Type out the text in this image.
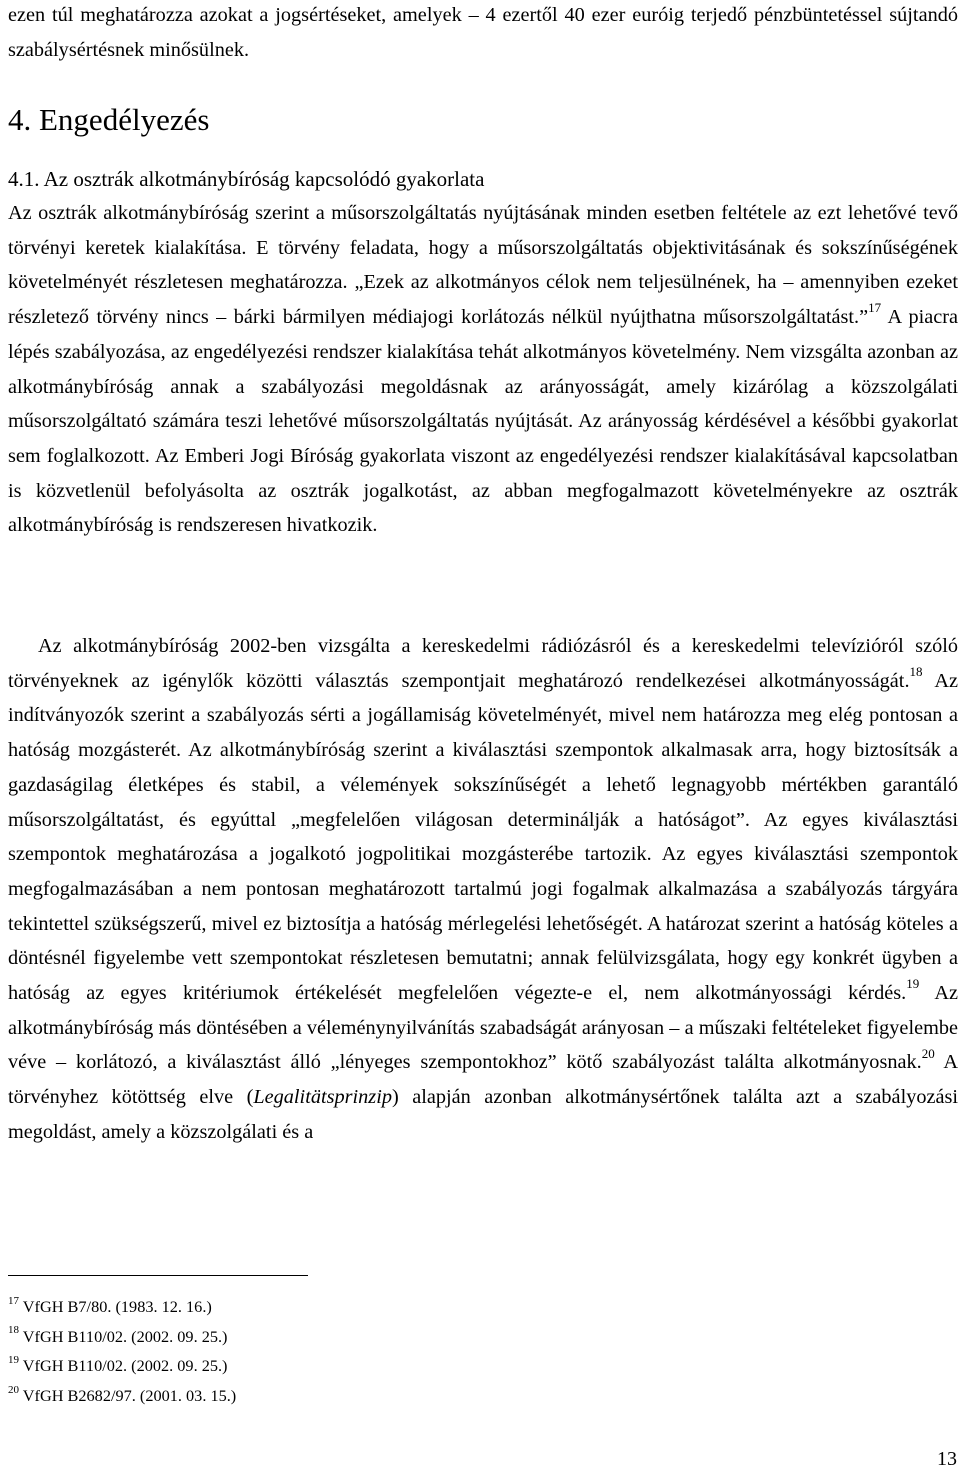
ezen túl meghatározza azokat a jogsértéseket, amelyek – 4 ezertől 40 ezer euróig terjedő pénzbüntetéssel sújtandó szabálysértésnek minősülnek.
4. Engedélyezés
4.1. Az osztrák alkotmánybíróság kapcsolódó gyakorlata
Az osztrák alkotmánybíróság szerint a műsorszolgáltatás nyújtásának minden esetben feltétele az ezt lehetővé tevő törvényi keretek kialakítása. E törvény feladata, hogy a műsorszolgáltatás objektivitásának és sokszínűségének követelményét részletesen meghatározza. „Ezek az alkotmányos célok nem teljesülnének, ha – amennyiben ezeket részletező törvény nincs – bárki bármilyen médiajogi korlátozás nélkül nyújthatna műsorszolgáltatást.”$^{17}$ A piacra lépés szabályozása, az engedélyezési rendszer kialakítása tehát alkotmányos követelmény. Nem vizsgálta azonban az alkotmánybíróság annak a szabályozási megoldásnak az arányosságát, amely kizárólag a közszolgálati műsorszolgáltató számára teszi lehetővé műsorszolgáltatás nyújtását. Az arányosság kérdésével a későbbi gyakorlat sem foglalkozott. Az Emberi Jogi Bíróság gyakorlata viszont az engedélyezési rendszer kialakításával kapcsolatban is közvetlenül befolyásolta az osztrák jogalkotást, az abban megfogalmazott követelményekre az osztrák alkotmánybíróság is rendszeresen hivatkozik.
Az alkotmánybíróság 2002-ben vizsgálta a kereskedelmi rádiózásról és a kereskedelmi televízióról szóló törvényeknek az igénylők közötti választás szempontjait meghatározó rendelkezései alkotmányosságát.$^{18}$ Az indítványozók szerint a szabályozás sérti a jogállamiság követelményét, mivel nem határozza meg elég pontosan a hatóság mozgásterét. Az alkotmánybíróság szerint a kiválasztási szempontok alkalmasak arra, hogy biztosítsák a gazdaságilag életképes és stabil, a vélemények sokszínűségét a lehető legnagyobb mértékben garantáló műsorszolgáltatást, és egyúttal „megfelelően világosan determinálják a hatóságot”. Az egyes kiválasztási szempontok meghatározása a jogalkotó jogpolitikai mozgásterébe tartozik. Az egyes kiválasztási szempontok megfogalmazásában a nem pontosan meghatározott tartalmú jogi fogalmak alkalmazása a szabályozás tárgyára tekintettel szükségszerű, mivel ez biztosítja a hatóság mérlegelési lehetőségét. A határozat szerint a hatóság köteles a döntésnél figyelembe vett szempontokat részletesen bemutatni; annak felülvizsgálata, hogy egy konkrét ügyben a hatóság az egyes kritériumok értékelését megfelelően végezte-e el, nem alkotmányossági kérdés.$^{19}$ Az alkotmánybíróság más döntésében a véleménynyilvánítás szabadságát arányosan – a műszaki feltételeket figyelembe véve – korlátozó, a kiválasztást álló „lényeges szempontokhoz” kötő szabályozást találta alkotmányosnak.$^{20}$ A törvényhez kötöttség elve (Legalitätsprinzip) alapján azonban alkotmánysértőnek találta azt a szabályozási megoldást, amely a közszolgálati és a
$^{17}$ VfGH B7/80. (1983. 12. 16.)
$^{18}$ VfGH B110/02. (2002. 09. 25.)
$^{19}$ VfGH B110/02. (2002. 09. 25.)
$^{20}$ VfGH B2682/97. (2001. 03. 15.)
13
